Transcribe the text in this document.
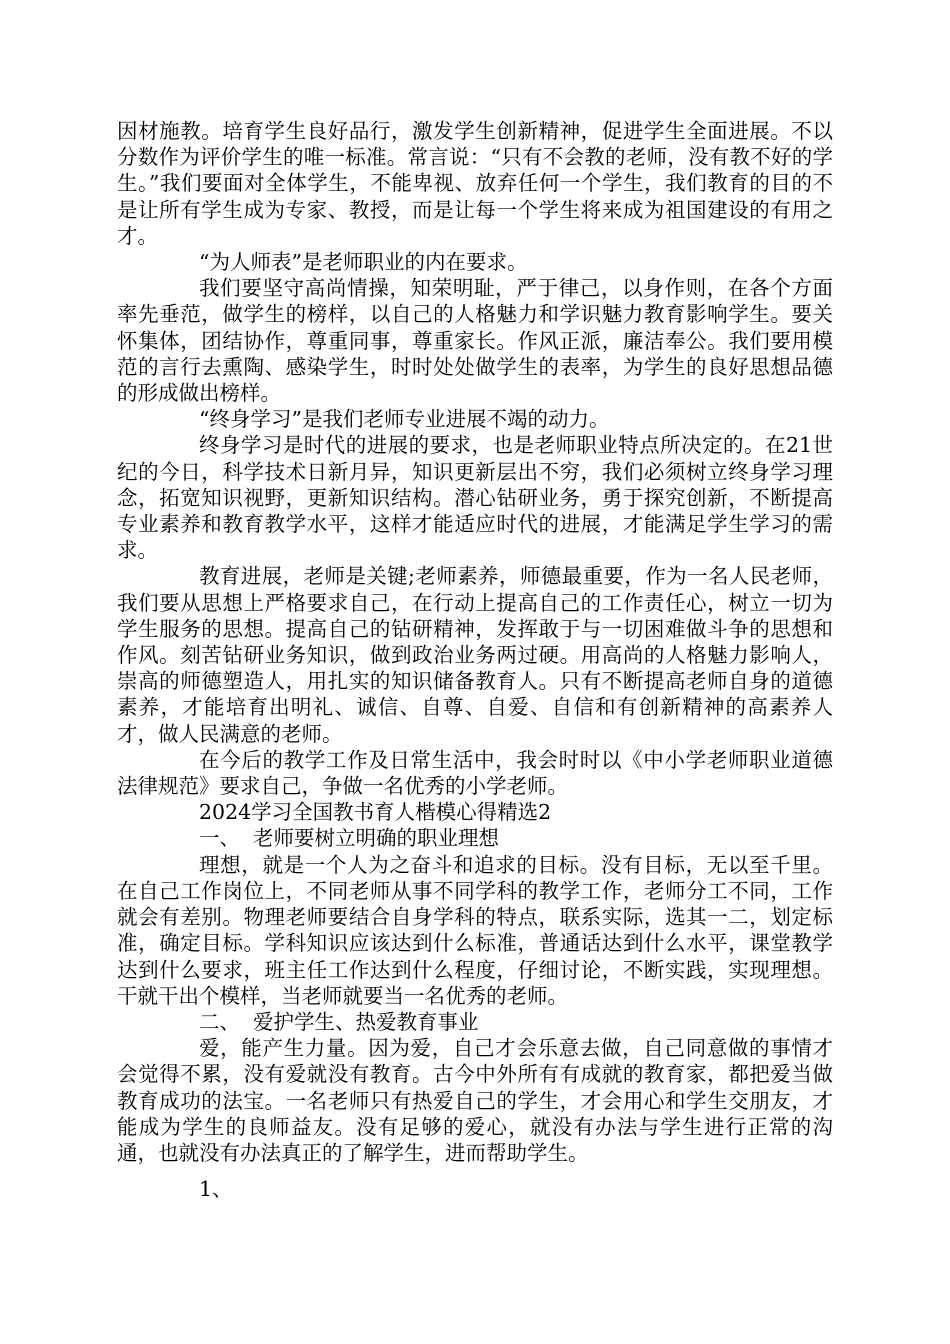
因材施教。培育学生良好品行，激发学生创新精神，促进学生全面进展。不以分数作为评价学生的唯一标准。常言说：“只有不会教的老师，没有教不好的学生。”我们要面对全体学生，不能卑视、放弃任何一个学生，我们教育的目的不是让所有学生成为专家、教授，而是让每一个学生将来成为祖国建设的有用之才。

“为人师表”是老师职业的内在要求。

我们要坚守高尚情操，知荣明耻，严于律己，以身作则，在各个方面率先垂范，做学生的榜样，以自己的人格魅力和学识魅力教育影响学生。要关怀集体，团结协作，尊重同事，尊重家长。作风正派，廉洁奉公。我们要用模范的言行去熏陶、感染学生，时时处处做学生的表率，为学生的良好思想品德的形成做出榜样。

“终身学习”是我们老师专业进展不竭的动力。

终身学习是时代的进展的要求，也是老师职业特点所决定的。在21世纪的今日，科学技术日新月异，知识更新层出不穷，我们必须树立终身学习理念，拓宽知识视野，更新知识结构。潜心钻研业务，勇于探究创新，不断提高专业素养和教育教学水平，这样才能适应时代的进展，才能满足学生学习的需求。

教育进展，老师是关键;老师素养，师德最重要，作为一名人民老师，我们要从思想上严格要求自己，在行动上提高自己的工作责任心，树立一切为学生服务的思想。提高自己的钻研精神，发挥敢于与一切困难做斗争的思想和作风。刻苦钻研业务知识，做到政治业务两过硬。用高尚的人格魅力影响人，崇高的师德塑造人，用扎实的知识储备教育人。只有不断提高老师自身的道德素养，才能培育出明礼、诚信、自尊、自爱、自信和有创新精神的高素养人才，做人民满意的老师。

在今后的教学工作及日常生活中，我会时时以《中小学老师职业道德法律规范》要求自己，争做一名优秀的小学老师。

2024学习全国教书育人楷模心得精选2

一、  老师要树立明确的职业理想

理想，就是一个人为之奋斗和追求的目标。没有目标，无以至千里。在自己工作岗位上，不同老师从事不同学科的教学工作，老师分工不同，工作就会有差别。物理老师要结合自身学科的特点，联系实际，选其一二，划定标准，确定目标。学科知识应该达到什么标准，普通话达到什么水平，课堂教学达到什么要求，班主任工作达到什么程度，仔细讨论，不断实践，实现理想。干就干出个模样，当老师就要当一名优秀的老师。

二、  爱护学生、热爱教育事业

爱，能产生力量。因为爱，自己才会乐意去做，自己同意做的事情才会觉得不累，没有爱就没有教育。古今中外所有有成就的教育家，都把爱当做教育成功的法宝。一名老师只有热爱自己的学生，才会用心和学生交朋友，才能成为学生的良师益友。没有足够的爱心，就没有办法与学生进行正常的沟通，也就没有办法真正的了解学生，进而帮助学生。

1、
